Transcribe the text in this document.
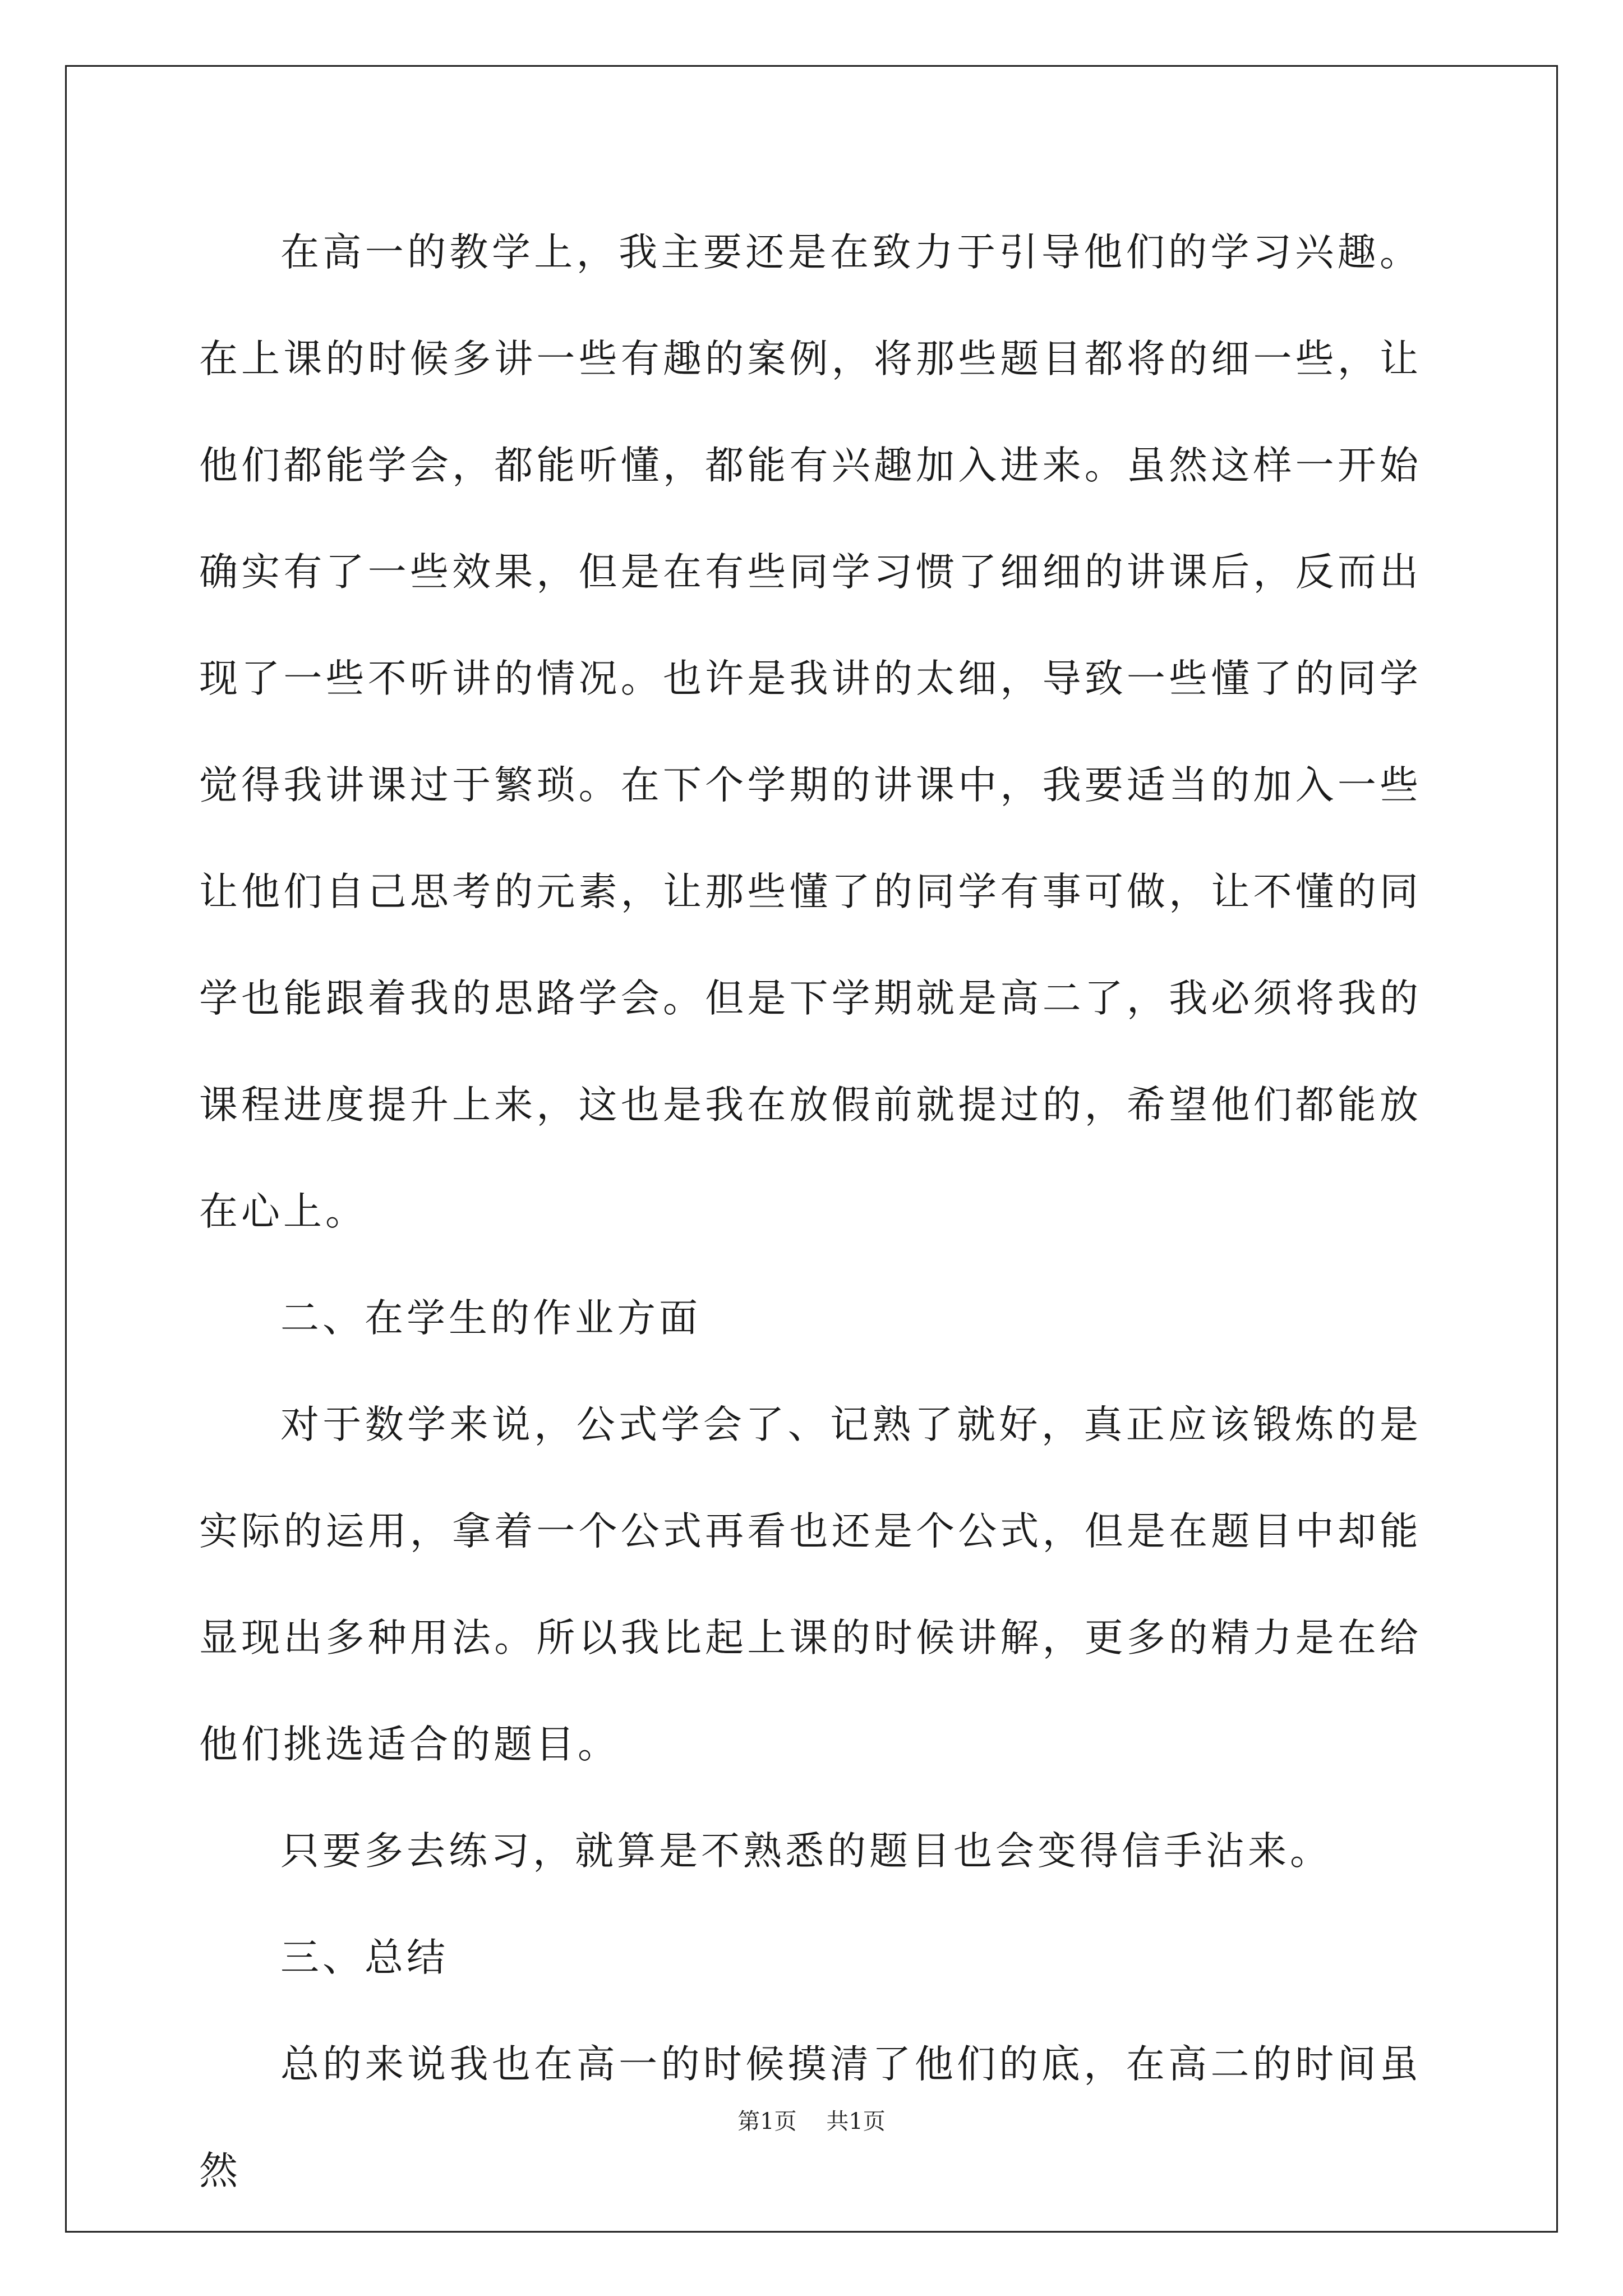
在高一的教学上，我主要还是在致力于引导他们的学习兴趣。在上课的时候多讲一些有趣的案例，将那些题目都将的细一些，让他们都能学会，都能听懂，都能有兴趣加入进来。虽然这样一开始确实有了一些效果，但是在有些同学习惯了细细的讲课后，反而出现了一些不听讲的情况。也许是我讲的太细，导致一些懂了的同学觉得我讲课过于繁琐。在下个学期的讲课中，我要适当的加入一些让他们自己思考的元素，让那些懂了的同学有事可做，让不懂的同学也能跟着我的思路学会。但是下学期就是高二了，我必须将我的课程进度提升上来，这也是我在放假前就提过的，希望他们都能放在心上。

二、在学生的作业方面

对于数学来说，公式学会了、记熟了就好，真正应该锻炼的是实际的运用，拿着一个公式再看也还是个公式，但是在题目中却能显现出多种用法。所以我比起上课的时候讲解，更多的精力是在给他们挑选适合的题目。

只要多去练习，就算是不熟悉的题目也会变得信手沾来。

三、总结

总的来说我也在高一的时候摸清了他们的底，在高二的时间虽然

第1页 共1页
